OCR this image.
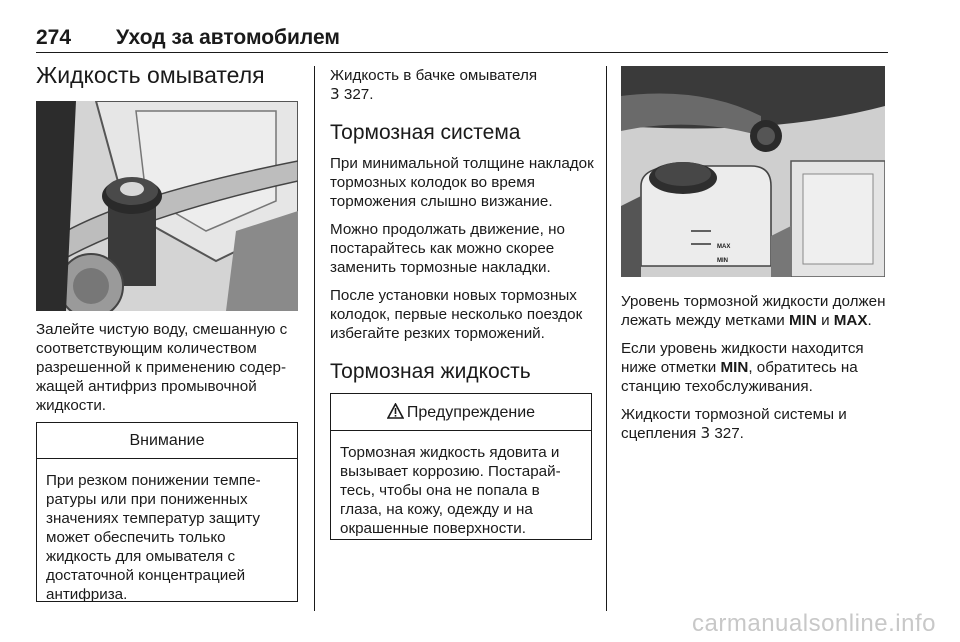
274 Уход за автомобилем
Жидкость омывателя

Залейте чистую воду, смешанную с соответствующим количеством разрешенной к применению содержащей антифриз промывочной жидкости.

Внимание
При резком понижении температуры или при пониженных значениях температур защиту может обеспечить только жидкость для омывателя с достаточной концентрацией антифриза.

Жидкость в бачке омывателя
3 327.

Тормозная система

При минимальной толщине накладок тормозных колодок во время торможения слышно визжание.

Можно продолжать движение, но постарайтесь как можно скорее заменить тормозные накладки.

После установки новых тормозных колодок, первые несколько поездок избегайте резких торможений.

Тормозная жидкость
Предупреждение
Тормозная жидкость ядовита и вызывает коррозию. Постарайтесь, чтобы она не попала в глаза, на кожу, одежду и на окрашенные поверхности.
MAX
MIN

Уровень тормозной жидкости должен лежать между метками MIN и MAX.

Если уровень жидкости находится ниже отметки MIN, обратитесь на станцию техобслуживания.

Жидкости тормозной системы и сцепления 3 327.

carmanualsonline.info
